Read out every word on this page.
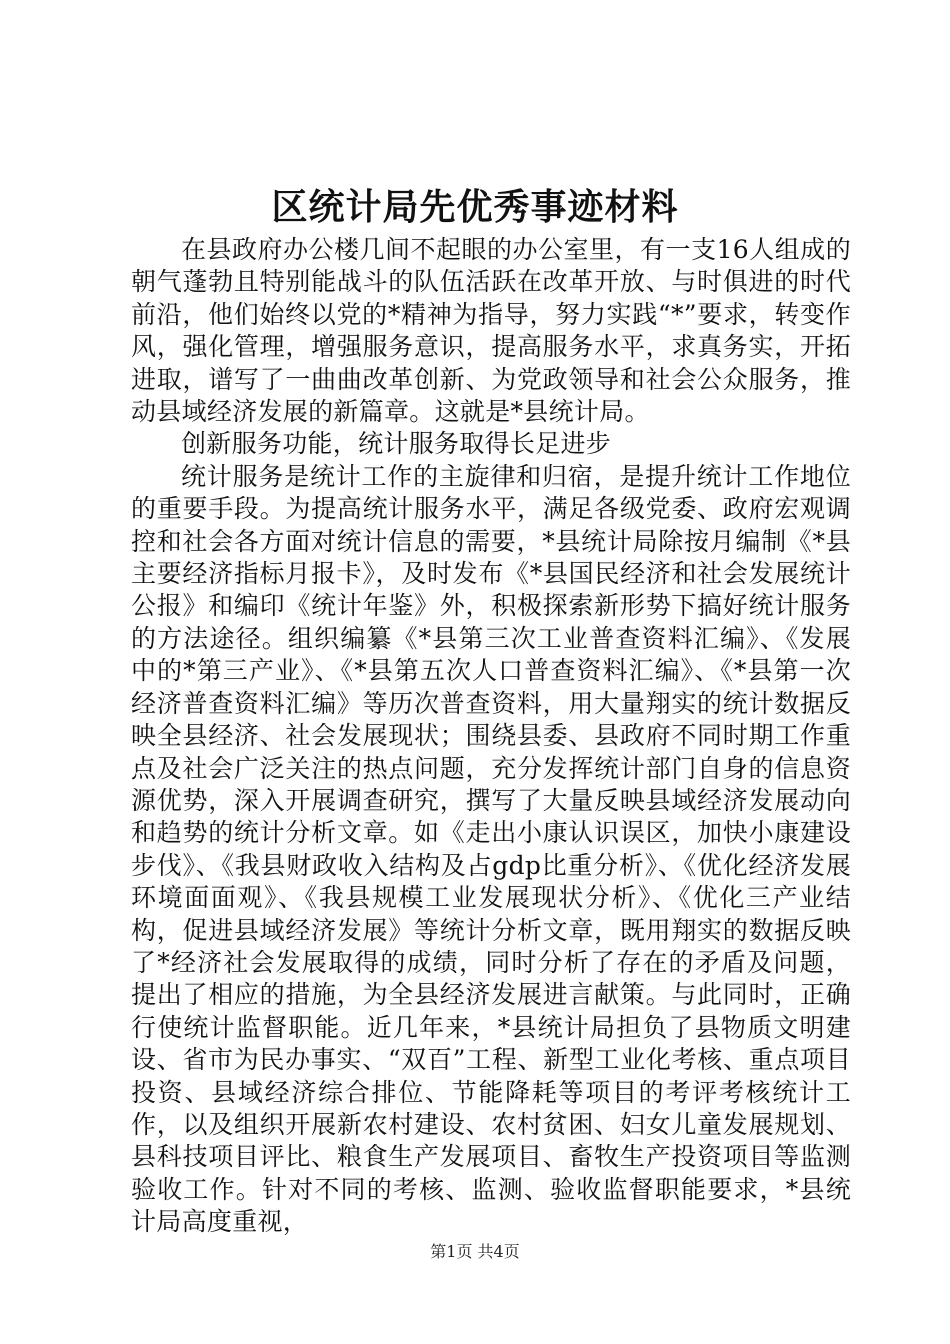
区统计局先优秀事迹材料

在县政府办公楼几间不起眼的办公室里，有一支16人组成的朝气蓬勃且特别能战斗的队伍活跃在改革开放、与时俱进的时代前沿，他们始终以党的*精神为指导，努力实践“*”要求，转变作风，强化管理，增强服务意识，提高服务水平，求真务实，开拓进取，谱写了一曲曲改革创新、为党政领导和社会公众服务，推动县域经济发展的新篇章。这就是*县统计局。

创新服务功能，统计服务取得长足进步

统计服务是统计工作的主旋律和归宿，是提升统计工作地位的重要手段。为提高统计服务水平，满足各级党委、政府宏观调控和社会各方面对统计信息的需要，*县统计局除按月编制《*县主要经济指标月报卡》，及时发布《*县国民经济和社会发展统计公报》和编印《统计年鉴》外，积极探索新形势下搞好统计服务的方法途径。组织编纂《*县第三次工业普查资料汇编》、《发展中的*第三产业》、《*县第五次人口普查资料汇编》、《*县第一次经济普查资料汇编》等历次普查资料，用大量翔实的统计数据反映全县经济、社会发展现状；围绕县委、县政府不同时期工作重点及社会广泛关注的热点问题，充分发挥统计部门自身的信息资源优势，深入开展调查研究，撰写了大量反映县域经济发展动向和趋势的统计分析文章。如《走出小康认识误区，加快小康建设步伐》、《我县财政收入结构及占gdp比重分析》、《优化经济发展环境面面观》、《我县规模工业发展现状分析》、《优化三产业结构，促进县域经济发展》等统计分析文章，既用翔实的数据反映了*经济社会发展取得的成绩，同时分析了存在的矛盾及问题，提出了相应的措施，为全县经济发展进言献策。与此同时，正确行使统计监督职能。近几年来，*县统计局担负了县物质文明建设、省市为民办事实、“双百”工程、新型工业化考核、重点项目投资、县域经济综合排位、节能降耗等项目的考评考核统计工作，以及组织开展新农村建设、农村贫困、妇女儿童发展规划、县科技项目评比、粮食生产发展项目、畜牧生产投资项目等监测验收工作。针对不同的考核、监测、验收监督职能要求，*县统计局高度重视，

第1页 共4页
